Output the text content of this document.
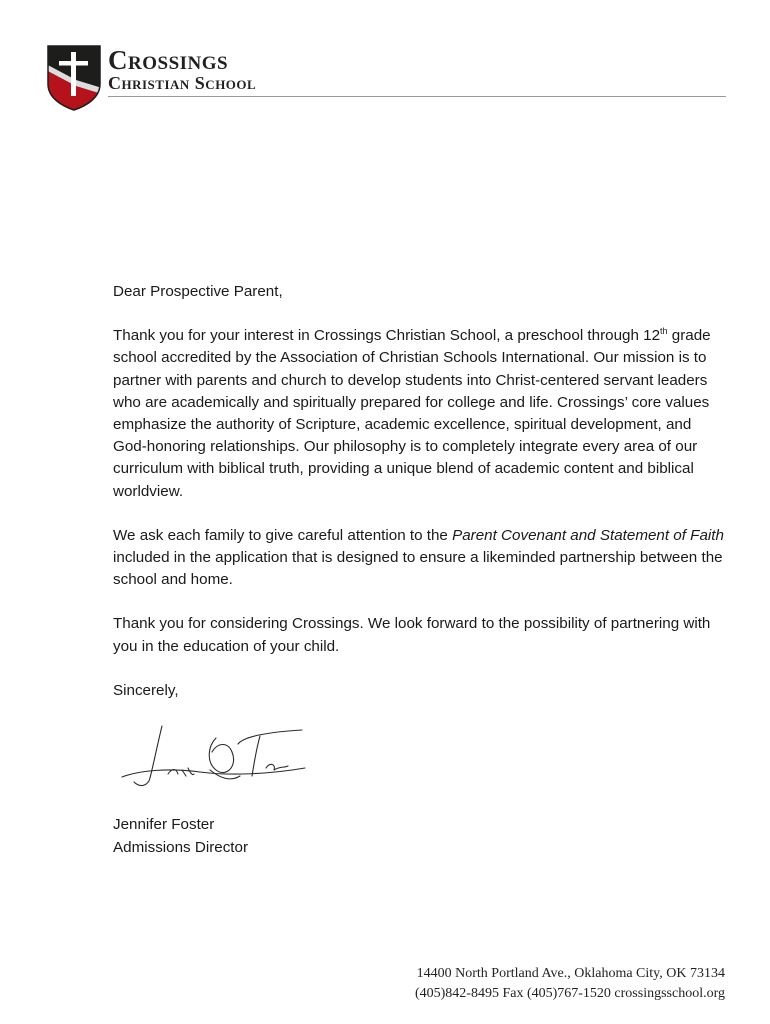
Crossings
Christian School

Dear Prospective Parent,

Thank you for your interest in Crossings Christian School, a preschool through 12th grade school accredited by the Association of Christian Schools International. Our mission is to partner with parents and church to develop students into Christ-centered servant leaders who are academically and spiritually prepared for college and life. Crossings’ core values emphasize the authority of Scripture, academic excellence, spiritual development, and God-honoring relationships. Our philosophy is to completely integrate every area of our curriculum with biblical truth, providing a unique blend of academic content and biblical worldview.

We ask each family to give careful attention to the Parent Covenant and Statement of Faith included in the application that is designed to ensure a likeminded partnership between the school and home.

Thank you for considering Crossings. We look forward to the possibility of partnering with you in the education of your child.

Sincerely,

Jennifer Foster
Admissions Director
14400 North Portland Ave., Oklahoma City, OK 73134
(405)842-8495 Fax (405)767-1520 crossingsschool.org
